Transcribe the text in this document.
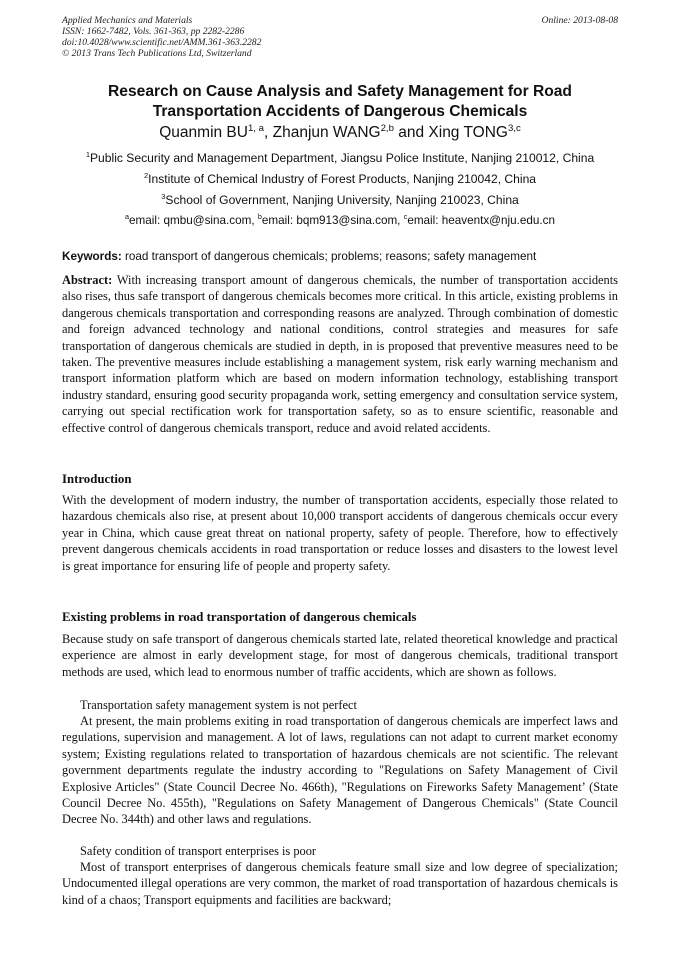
Applied Mechanics and Materials
ISSN: 1662-7482, Vols. 361-363, pp 2282-2286
doi:10.4028/www.scientific.net/AMM.361-363.2282
© 2013 Trans Tech Publications Ltd, Switzerland
Online: 2013-08-08
Research on Cause Analysis and Safety Management for Road Transportation Accidents of Dangerous Chemicals
Quanmin BU$^{1, a}$, Zhanjun WANG$^{2,b}$ and Xing TONG$^{3,c}$
$^1$Public Security and Management Department, Jiangsu Police Institute, Nanjing 210012, China
$^2$Institute of Chemical Industry of Forest Products, Nanjing 210042, China
$^3$School of Government, Nanjing University, Nanjing 210023, China
$^a$email: qmbu@sina.com, $^b$email: bqm913@sina.com, $^c$email: heaventx@nju.edu.cn
Keywords: road transport of dangerous chemicals; problems; reasons; safety management
Abstract: With increasing transport amount of dangerous chemicals, the number of transportation accidents also rises, thus safe transport of dangerous chemicals becomes more critical. In this article, existing problems in dangerous chemicals transportation and corresponding reasons are analyzed. Through combination of domestic and foreign advanced technology and national conditions, control strategies and measures for safe transportation of dangerous chemicals are studied in depth, in is proposed that preventive measures need to be taken. The preventive measures include establishing a management system, risk early warning mechanism and transport information platform which are based on modern information technology, establishing transport industry standard, ensuring good security propaganda work, setting emergency and consultation service system, carrying out special rectification work for transportation safety, so as to ensure scientific, reasonable and effective control of dangerous chemicals transport, reduce and avoid related accidents.
Introduction

With the development of modern industry, the number of transportation accidents, especially those related to hazardous chemicals also rise, at present about 10,000 transport accidents of dangerous chemicals occur every year in China, which cause great threat on national property, safety of people. Therefore, how to effectively prevent dangerous chemicals accidents in road transportation or reduce losses and disasters to the lowest level is great importance for ensuring life of people and property safety.

Existing problems in road transportation of dangerous chemicals

Because study on safe transport of dangerous chemicals started late, related theoretical knowledge and practical experience are almost in early development stage, for most of dangerous chemicals, traditional transport methods are used, which lead to enormous number of traffic accidents, which are shown as follows.

Transportation safety management system is not perfect

At present, the main problems exiting in road transportation of dangerous chemicals are imperfect laws and regulations, supervision and management. A lot of laws, regulations can not adapt to current market economy system; Existing regulations related to transportation of hazardous chemicals are not scientific. The relevant government departments regulate the industry according to "Regulations on Safety Management of Civil Explosive Articles" (State Council Decree No. 466th), "Regulations on Fireworks Safety Management’ (State Council Decree No. 455th), "Regulations on Safety Management of Dangerous Chemicals" (State Council Decree No. 344th) and other laws and regulations.

Safety condition of transport enterprises is poor

Most of transport enterprises of dangerous chemicals feature small size and low degree of specialization; Undocumented illegal operations are very common, the market of road transportation of hazardous chemicals is kind of a chaos; Transport equipments and facilities are backward;
